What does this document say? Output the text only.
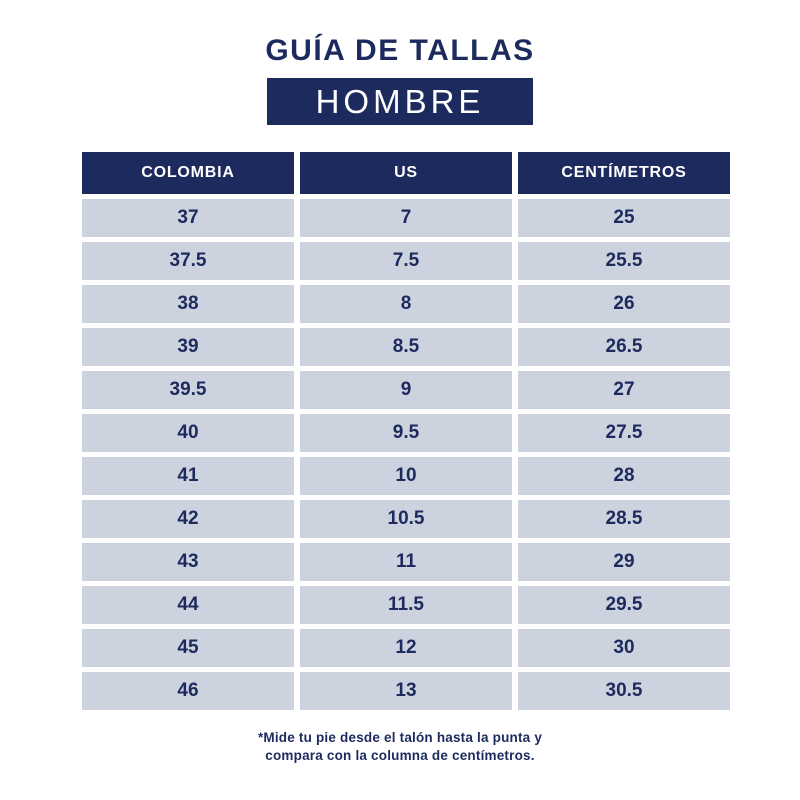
GUÍA DE TALLAS
HOMBRE
COLOMBIA	US	CENTÍMETROS
37	7	25
37.5	7.5	25.5
38	8	26
39	8.5	26.5
39.5	9	27
40	9.5	27.5
41	10	28
42	10.5	28.5
43	11	29
44	11.5	29.5
45	12	30
46	13	30.5
*Mide tu pie desde el talón hasta la punta y
compara con la columna de centímetros.
